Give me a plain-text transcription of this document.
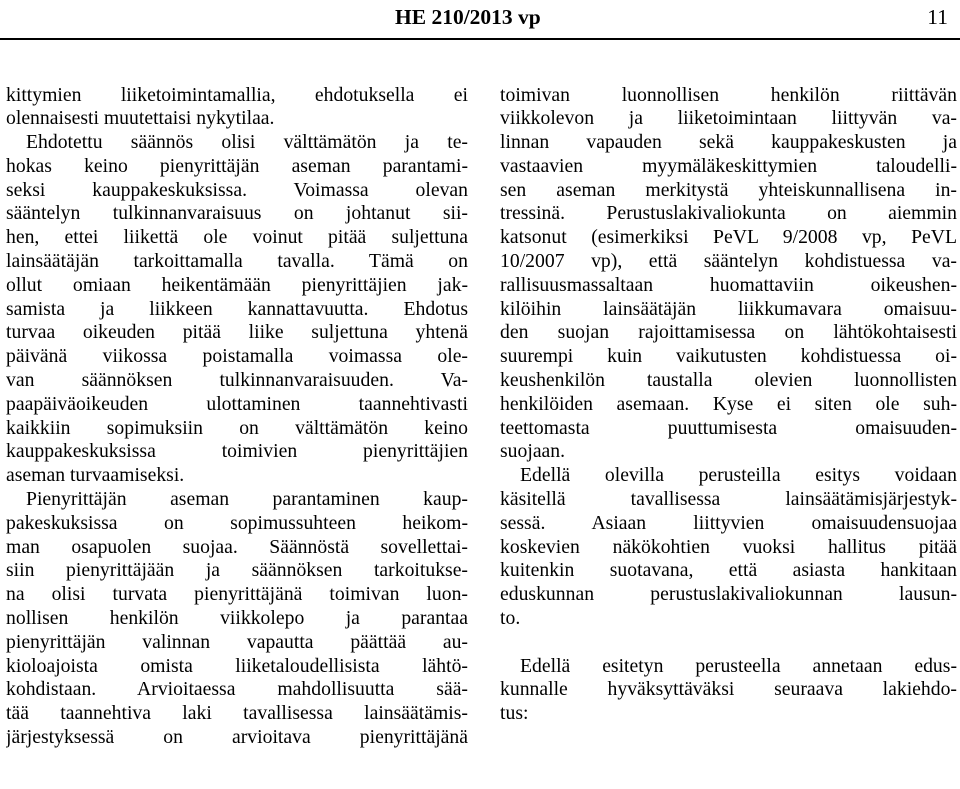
HE 210/2013 vp	11
kittymien liiketoimintamallia, ehdotuksella ei
olennaisesti muutettaisi nykytilaa.
Ehdotettu säännös olisi välttämätön ja te-
hokas keino pienyrittäjän aseman parantami-
seksi kauppakeskuksissa. Voimassa olevan
sääntelyn tulkinnanvaraisuus on johtanut sii-
hen, ettei liikettä ole voinut pitää suljettuna
lainsäätäjän tarkoittamalla tavalla. Tämä on
ollut omiaan heikentämään pienyrittäjien jak-
samista ja liikkeen kannattavuutta. Ehdotus
turvaa oikeuden pitää liike suljettuna yhtenä
päivänä viikossa poistamalla voimassa ole-
van säännöksen tulkinnanvaraisuuden. Va-
paapäiväoikeuden ulottaminen taannehtivasti
kaikkiin sopimuksiin on välttämätön keino
kauppakeskuksissa toimivien pienyrittäjien
aseman turvaamiseksi.
Pienyrittäjän aseman parantaminen kaup-
pakeskuksissa on sopimussuhteen heikom-
man osapuolen suojaa. Säännöstä sovellettai-
siin pienyrittäjään ja säännöksen tarkoitukse-
na olisi turvata pienyrittäjänä toimivan luon-
nollisen henkilön viikkolepo ja parantaa
pienyrittäjän valinnan vapautta päättää au-
kioloajoista omista liiketaloudellisista lähtö-
kohdistaan. Arvioitaessa mahdollisuutta sää-
tää taannehtiva laki tavallisessa lainsäätämis-
järjestyksessä on arvioitava pienyrittäjänä
toimivan luonnollisen henkilön riittävän
viikkolevon ja liiketoimintaan liittyvän va-
linnan vapauden sekä kauppakeskusten ja
vastaavien myymäläkeskittymien taloudelli-
sen aseman merkitystä yhteiskunnallisena in-
tressinä. Perustuslakivaliokunta on aiemmin
katsonut (esimerkiksi PeVL 9/2008 vp, PeVL
10/2007 vp), että sääntelyn kohdistuessa va-
rallisuusmassaltaan huomattaviin oikeushen-
kilöihin lainsäätäjän liikkumavara omaisuu-
den suojan rajoittamisessa on lähtökohtaisesti
suurempi kuin vaikutusten kohdistuessa oi-
keushenkilön taustalla olevien luonnollisten
henkilöiden asemaan. Kyse ei siten ole suh-
teettomasta puuttumisesta omaisuuden-
suojaan.
Edellä olevilla perusteilla esitys voidaan
käsitellä tavallisessa lainsäätämisjärjestyk-
sessä. Asiaan liittyvien omaisuudensuojaa
koskevien näkökohtien vuoksi hallitus pitää
kuitenkin suotavana, että asiasta hankitaan
eduskunnan perustuslakivaliokunnan lausun-
to.
Edellä esitetyn perusteella annetaan edus-
kunnalle hyväksyttäväksi seuraava lakiehdo-
tus:
